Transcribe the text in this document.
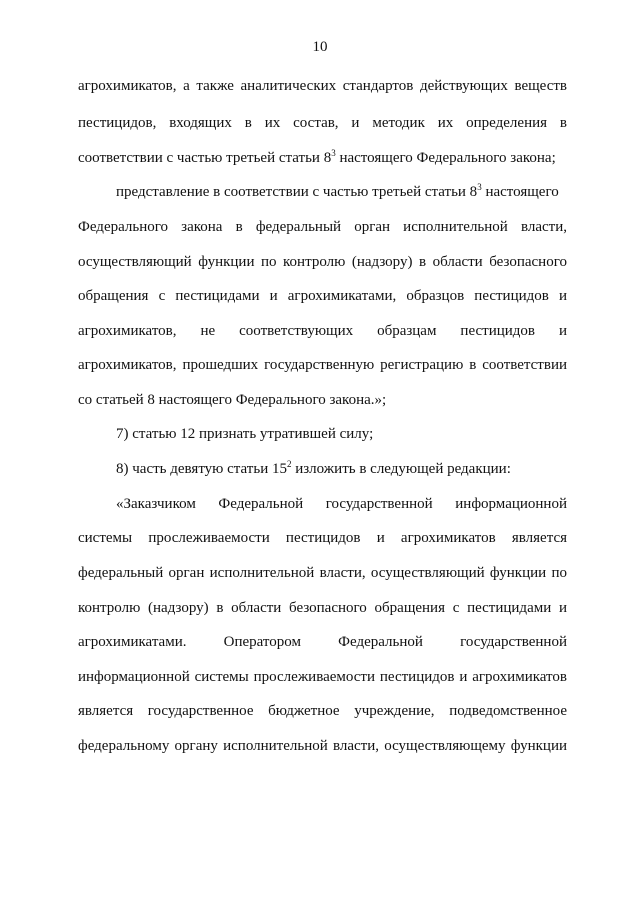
10
агрохимикатов, а также аналитических стандартов действующих веществ
пестицидов, входящих в их состав, и методик их определения в
соответствии с частью третьей статьи $8^3$ настоящего Федерального закона;
представление в соответствии с частью третьей статьи $8^3$ настоящего
Федерального закона в федеральный орган исполнительной власти,
осуществляющий функции по контролю (надзору) в области безопасного
обращения с пестицидами и агрохимикатами, образцов пестицидов и
агрохимикатов, не соответствующих образцам пестицидов и
агрохимикатов, прошедших государственную регистрацию в соответствии
со статьей 8 настоящего Федерального закона.»;
7) статью 12 признать утратившей силу;
8) часть девятую статьи $15^2$ изложить в следующей редакции:
«Заказчиком Федеральной государственной информационной
системы прослеживаемости пестицидов и агрохимикатов является
федеральный орган исполнительной власти, осуществляющий функции по
контролю (надзору) в области безопасного обращения с пестицидами и
агрохимикатами. Оператором Федеральной государственной
информационной системы прослеживаемости пестицидов и агрохимикатов
является государственное бюджетное учреждение, подведомственное
федеральному органу исполнительной власти, осуществляющему функции
